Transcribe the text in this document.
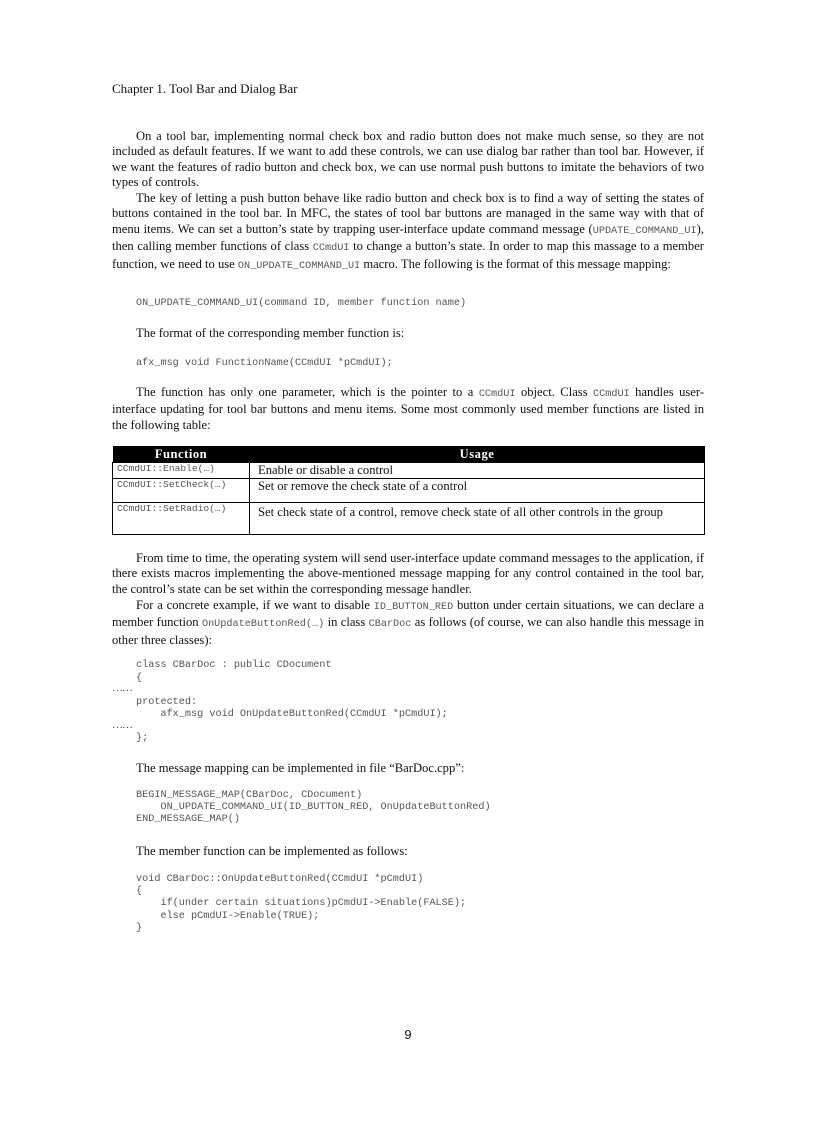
Chapter 1. Tool Bar and Dialog Bar

On a tool bar, implementing normal check box and radio button does not make much sense, so they are not included as default features. If we want to add these controls, we can use dialog bar rather than tool bar. However, if we want the features of radio button and check box, we can use normal push buttons to imitate the behaviors of two types of controls.

The key of letting a push button behave like radio button and check box is to find a way of setting the states of buttons contained in the tool bar. In MFC, the states of tool bar buttons are managed in the same way with that of menu items. We can set a button’s state by trapping user-interface update command message (UPDATE_COMMAND_UI), then calling member functions of class CCmdUI to change a button’s state. In order to map this massage to a member function, we need to use ON_UPDATE_COMMAND_UI macro. The following is the format of this message mapping:

ON_UPDATE_COMMAND_UI(command ID, member function name)

The format of the corresponding member function is:

afx_msg void FunctionName(CCmdUI *pCmdUI);

The function has only one parameter, which is the pointer to a CCmdUI object. Class CCmdUI handles user-interface updating for tool bar buttons and menu items. Some most commonly used member functions are listed in the following table:

Function	Usage
CCmdUI::Enable(…)	Enable or disable a control
CCmdUI::SetCheck(…)	Set or remove the check state of a control
CCmdUI::SetRadio(…)	Set check state of a control, remove check state of all other controls in the group

From time to time, the operating system will send user-interface update command messages to the application, if there exists macros implementing the above-mentioned message mapping for any control contained in the tool bar, the control’s state can be set within the corresponding message handler.

For a concrete example, if we want to disable ID_BUTTON_RED button under certain situations, we can declare a member function OnUpdateButtonRed(…) in class CBarDoc as follows (of course, we can also handle this message in other three classes):

class CBarDoc : public CDocument
{
……
protected:
afx_msg void OnUpdateButtonRed(CCmdUI *pCmdUI);
……
};

The message mapping can be implemented in file “BarDoc.cpp”:

BEGIN_MESSAGE_MAP(CBarDoc, CDocument)
ON_UPDATE_COMMAND_UI(ID_BUTTON_RED, OnUpdateButtonRed)
END_MESSAGE_MAP()

The member function can be implemented as follows:

void CBarDoc::OnUpdateButtonRed(CCmdUI *pCmdUI)
{
if(under certain situations)pCmdUI->Enable(FALSE);
else pCmdUI->Enable(TRUE);
}
9
